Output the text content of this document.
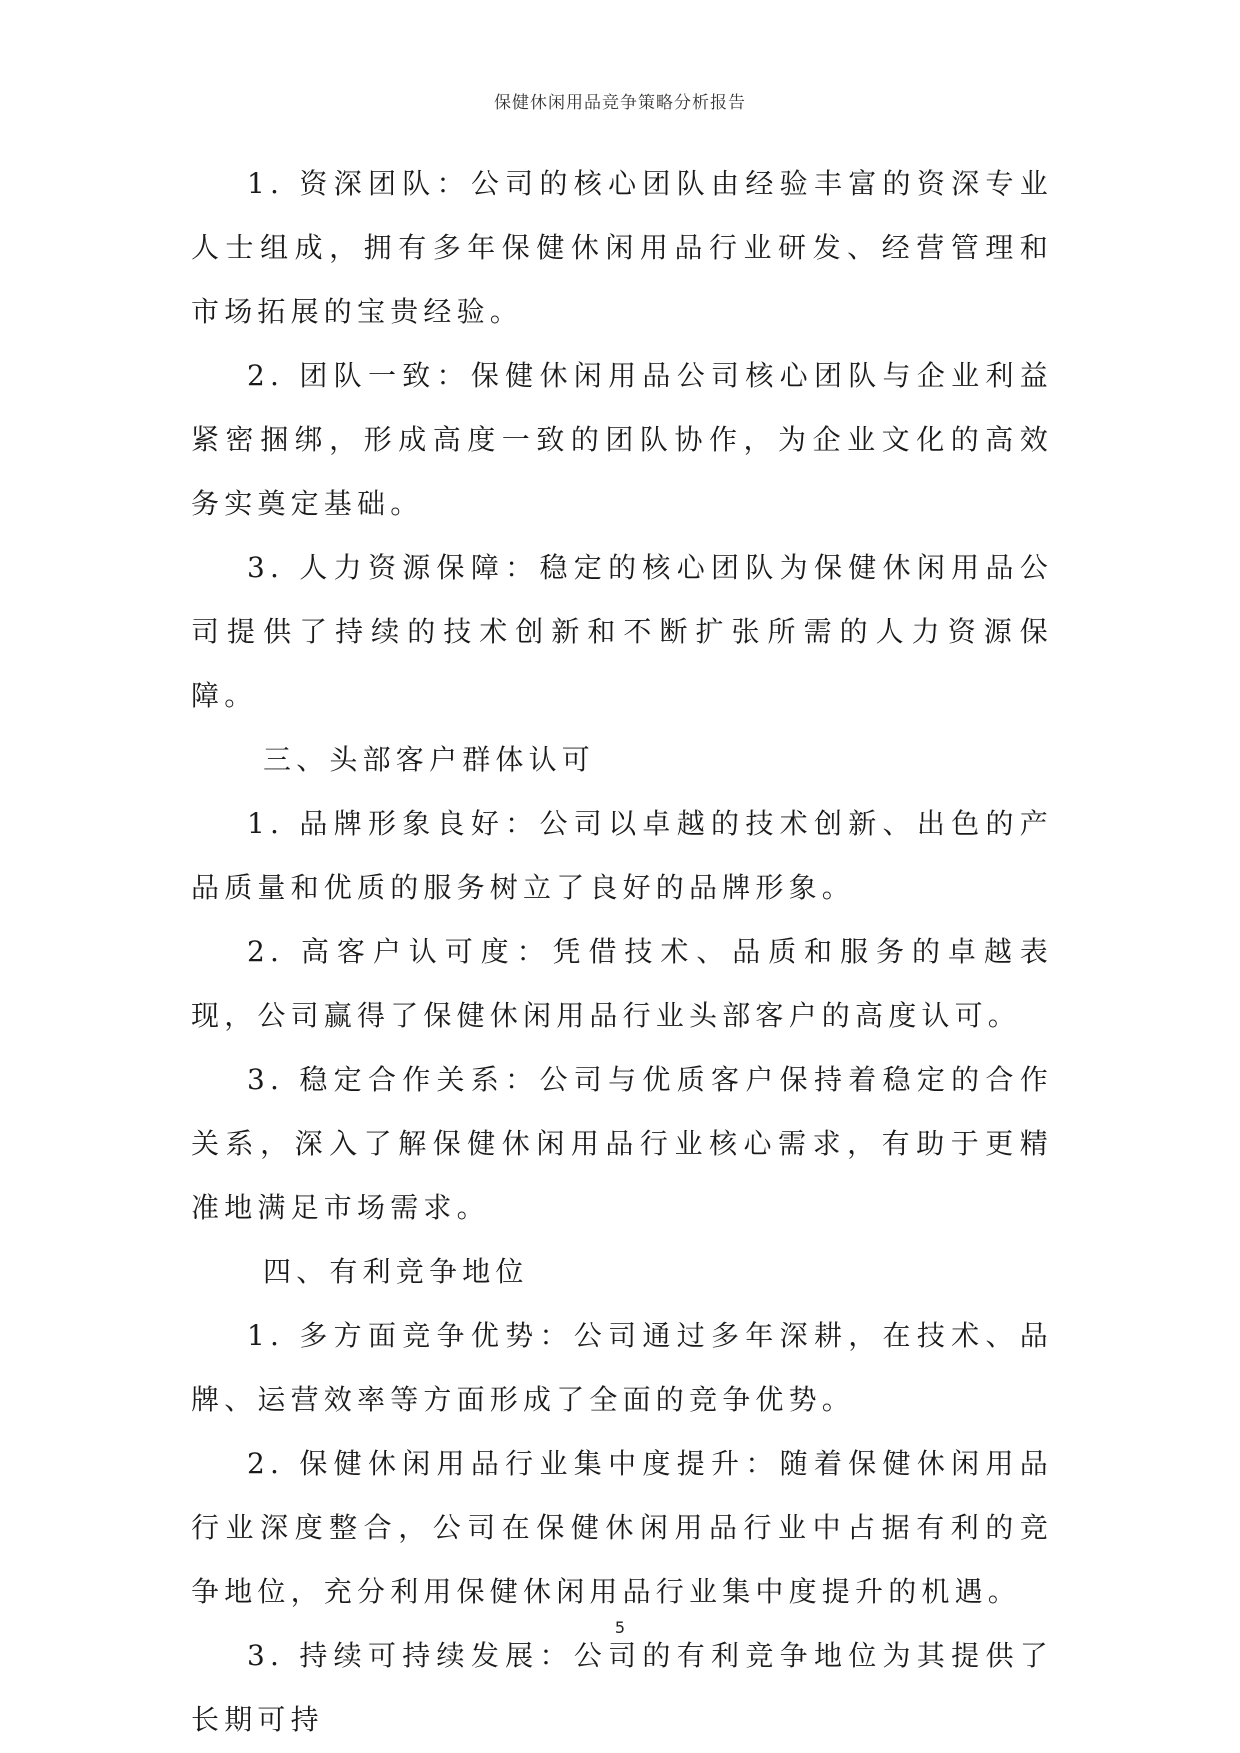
保健休闲用品竞争策略分析报告

1. 资深团队：公司的核心团队由经验丰富的资深专业人士组成，拥有多年保健休闲用品行业研发、经营管理和市场拓展的宝贵经验。

2. 团队一致：保健休闲用品公司核心团队与企业利益紧密捆绑，形成高度一致的团队协作，为企业文化的高效务实奠定基础。

3. 人力资源保障：稳定的核心团队为保健休闲用品公司提供了持续的技术创新和不断扩张所需的人力资源保障。

三、头部客户群体认可

1. 品牌形象良好：公司以卓越的技术创新、出色的产品质量和优质的服务树立了良好的品牌形象。

2. 高客户认可度：凭借技术、品质和服务的卓越表现，公司赢得了保健休闲用品行业头部客户的高度认可。

3. 稳定合作关系：公司与优质客户保持着稳定的合作关系，深入了解保健休闲用品行业核心需求，有助于更精准地满足市场需求。

四、有利竞争地位

1. 多方面竞争优势：公司通过多年深耕，在技术、品牌、运营效率等方面形成了全面的竞争优势。

2. 保健休闲用品行业集中度提升：随着保健休闲用品行业深度整合，公司在保健休闲用品行业中占据有利的竞争地位，充分利用保健休闲用品行业集中度提升的机遇。

3. 持续可持续发展：公司的有利竞争地位为其提供了长期可持

5
